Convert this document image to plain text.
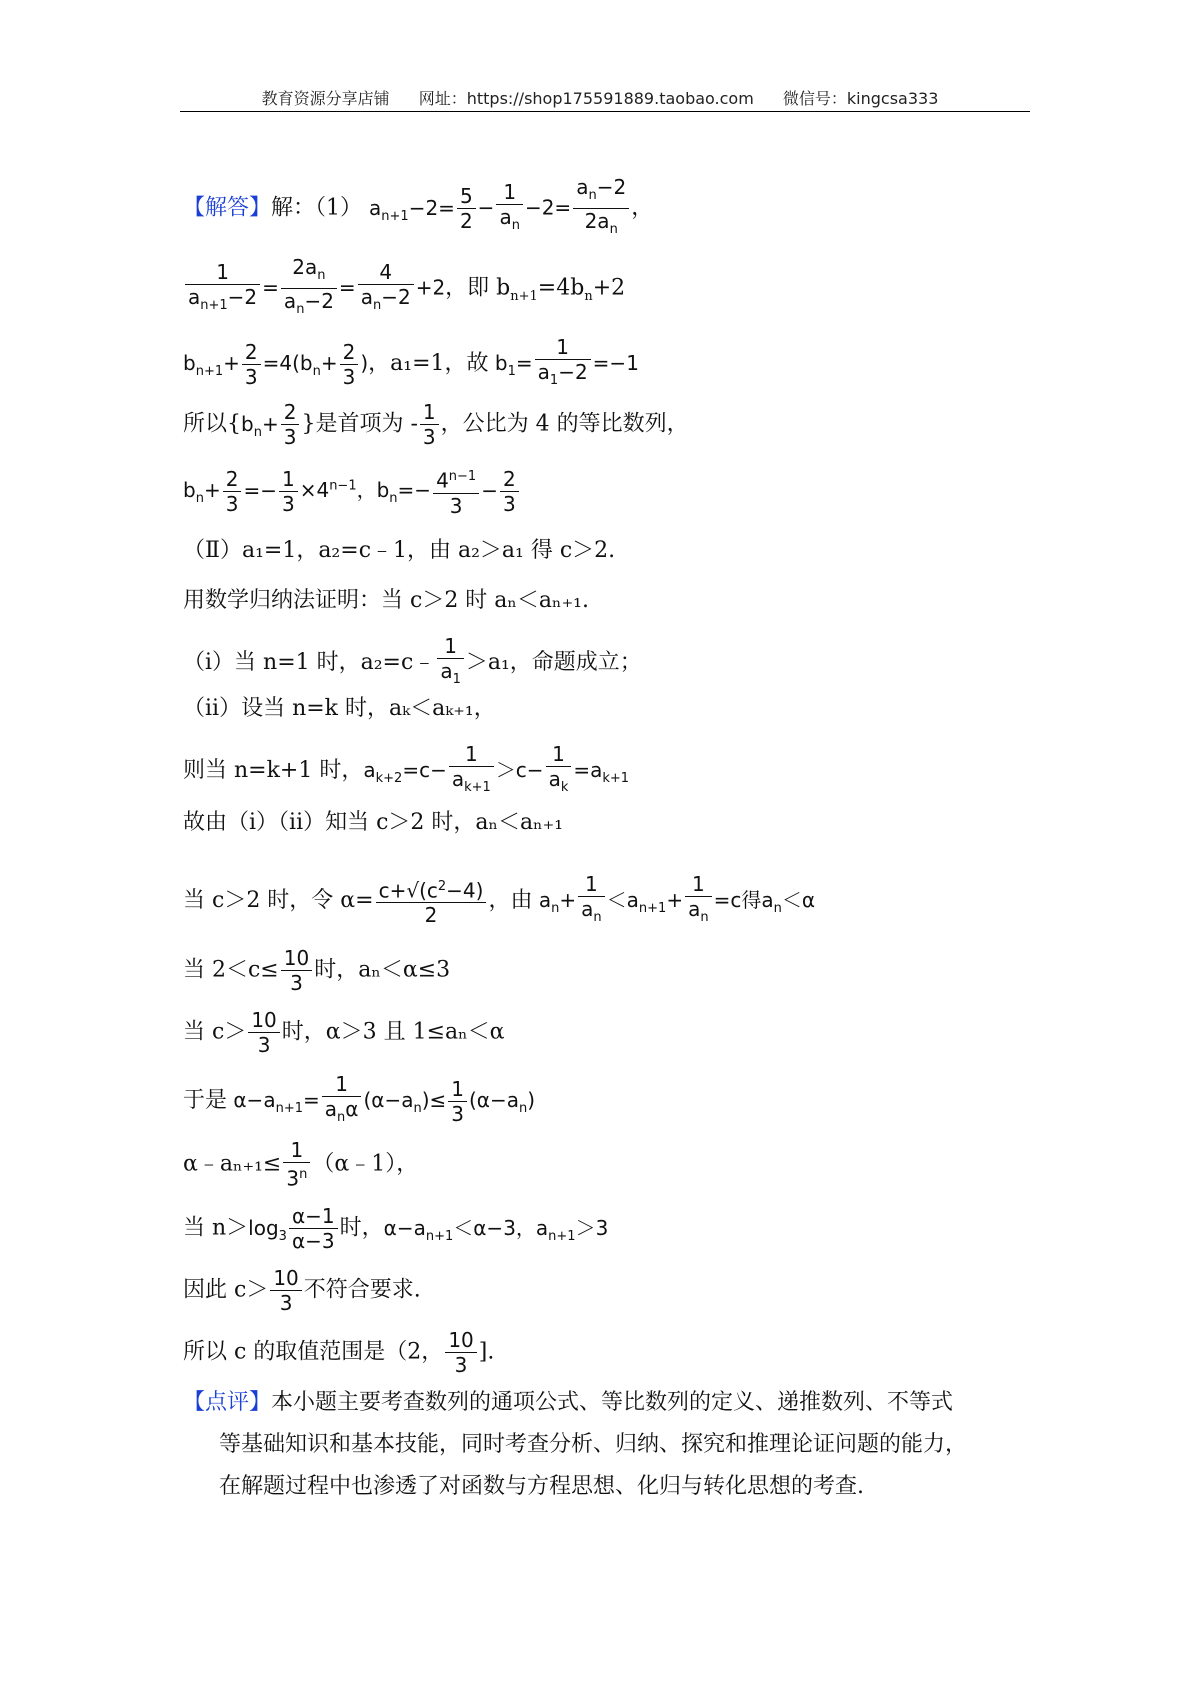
教育资源分享店铺 网址：https://shop175591889.taobao.com 微信号：kingcsa333
【解答】解：（1） $a_{n+1}-2= \frac{5}{2} - \frac{1}{a_n} -2= \frac{a_n-2}{2a_n}$ ，
$\frac{1}{a_{n+1}-2} = \frac{2a_n}{a_n-2} = \frac{4}{a_n-2} +2$，即 $b_{n+1}=4b_n+2$
$b_{n+1}+ \frac{2}{3} =4(b_n+ \frac{2}{3}$ )，a₁=1，故 $b_1= \frac{1}{a_1-2} =-1$
所以{$b_n+ \frac{2}{3}$ }是首项为 - $\frac{1}{3}$ ，公比为 4 的等比数列，
$b_n+ \frac{2}{3} =- \frac{1}{3} \times 4^{n-1}$，$b_n=- \frac{4^{n-1}}{3} - \frac{2}{3}$
（Ⅱ）a₁=1，a₂=c﹣1，由 a₂＞a₁ 得 c＞2.
用数学归纳法证明：当 c＞2 时 aₙ＜aₙ₊₁.
（ⅰ）当 n=1 时，a₂=c﹣ $\frac{1}{a_1} >a_1$，命题成立；
（ⅱ）设当 n=k 时，aₖ＜aₖ₊₁，
则当 n=k+1 时，$a_{k+2}=c- \frac{1}{a_{k+1}} >c- \frac{1}{a_k} =a_{k+1}$
故由（i）（ii）知当 c＞2 时，aₙ＜aₙ₊₁
当 c＞2 时，令 $\alpha= \frac{c+√(c^2-4)}{2}$ ，由 $a_n+ \frac{1}{a_n} <a_{n+1}+ \frac{1}{a_n} =c$得$a_n<\alpha$
当 $2<c\le \frac{10}{3}$ 时，aₙ＜α≤3
当 $c> \frac{10}{3}$ 时，α＞3 且 1≤aₙ＜α
于是 $\alpha-a_{n+1}=$
1
$a_n\alpha$ $(\alpha-a_n)\le \frac{1}{3} (\alpha-a_n)$
α﹣aₙ₊₁≤ $\frac{1}{3^n}$ （α﹣1），
当 $n>\log_3 \frac{\alpha-1}{\alpha-3}$ 时，$\alpha-a_{n+1}<\alpha-3$，$a_{n+1}>3$
因此 $c> \frac{10}{3}$ 不符合要求.
所以 c 的取值范围是（2， $\frac{10}{3}$ ].
【点评】本小题主要考查数列的通项公式、等比数列的定义、递推数列、不等式
等基础知识和基本技能，同时考查分析、归纳、探究和推理论证问题的能力，
在解题过程中也渗透了对函数与方程思想、化归与转化思想的考查.
